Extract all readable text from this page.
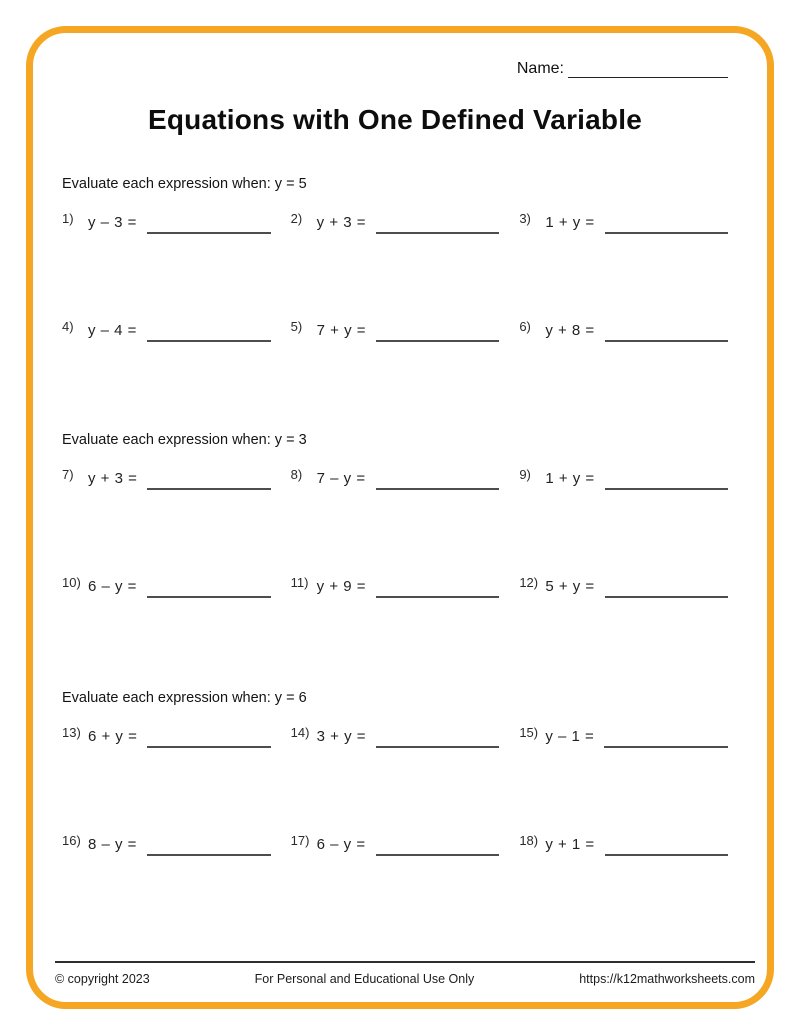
Name:
Equations with One Defined Variable
Evaluate each expression when: y = 5
1) y – 3 =	2) y + 3 =	3) 1 + y =
4) y – 4 =	5) 7 + y =	6) y + 8 =
Evaluate each expression when: y = 3
7) y + 3 =	8) 7 – y =	9) 1 + y =
10) 6 – y =	11) y + 9 =	12) 5 + y =
Evaluate each expression when: y = 6
13) 6 + y =	14) 3 + y =	15) y – 1 =
16) 8 – y =	17) 6 – y =	18) y + 1 =
© copyright 2023	For Personal and Educational Use Only	https://k12mathworksheets.com
